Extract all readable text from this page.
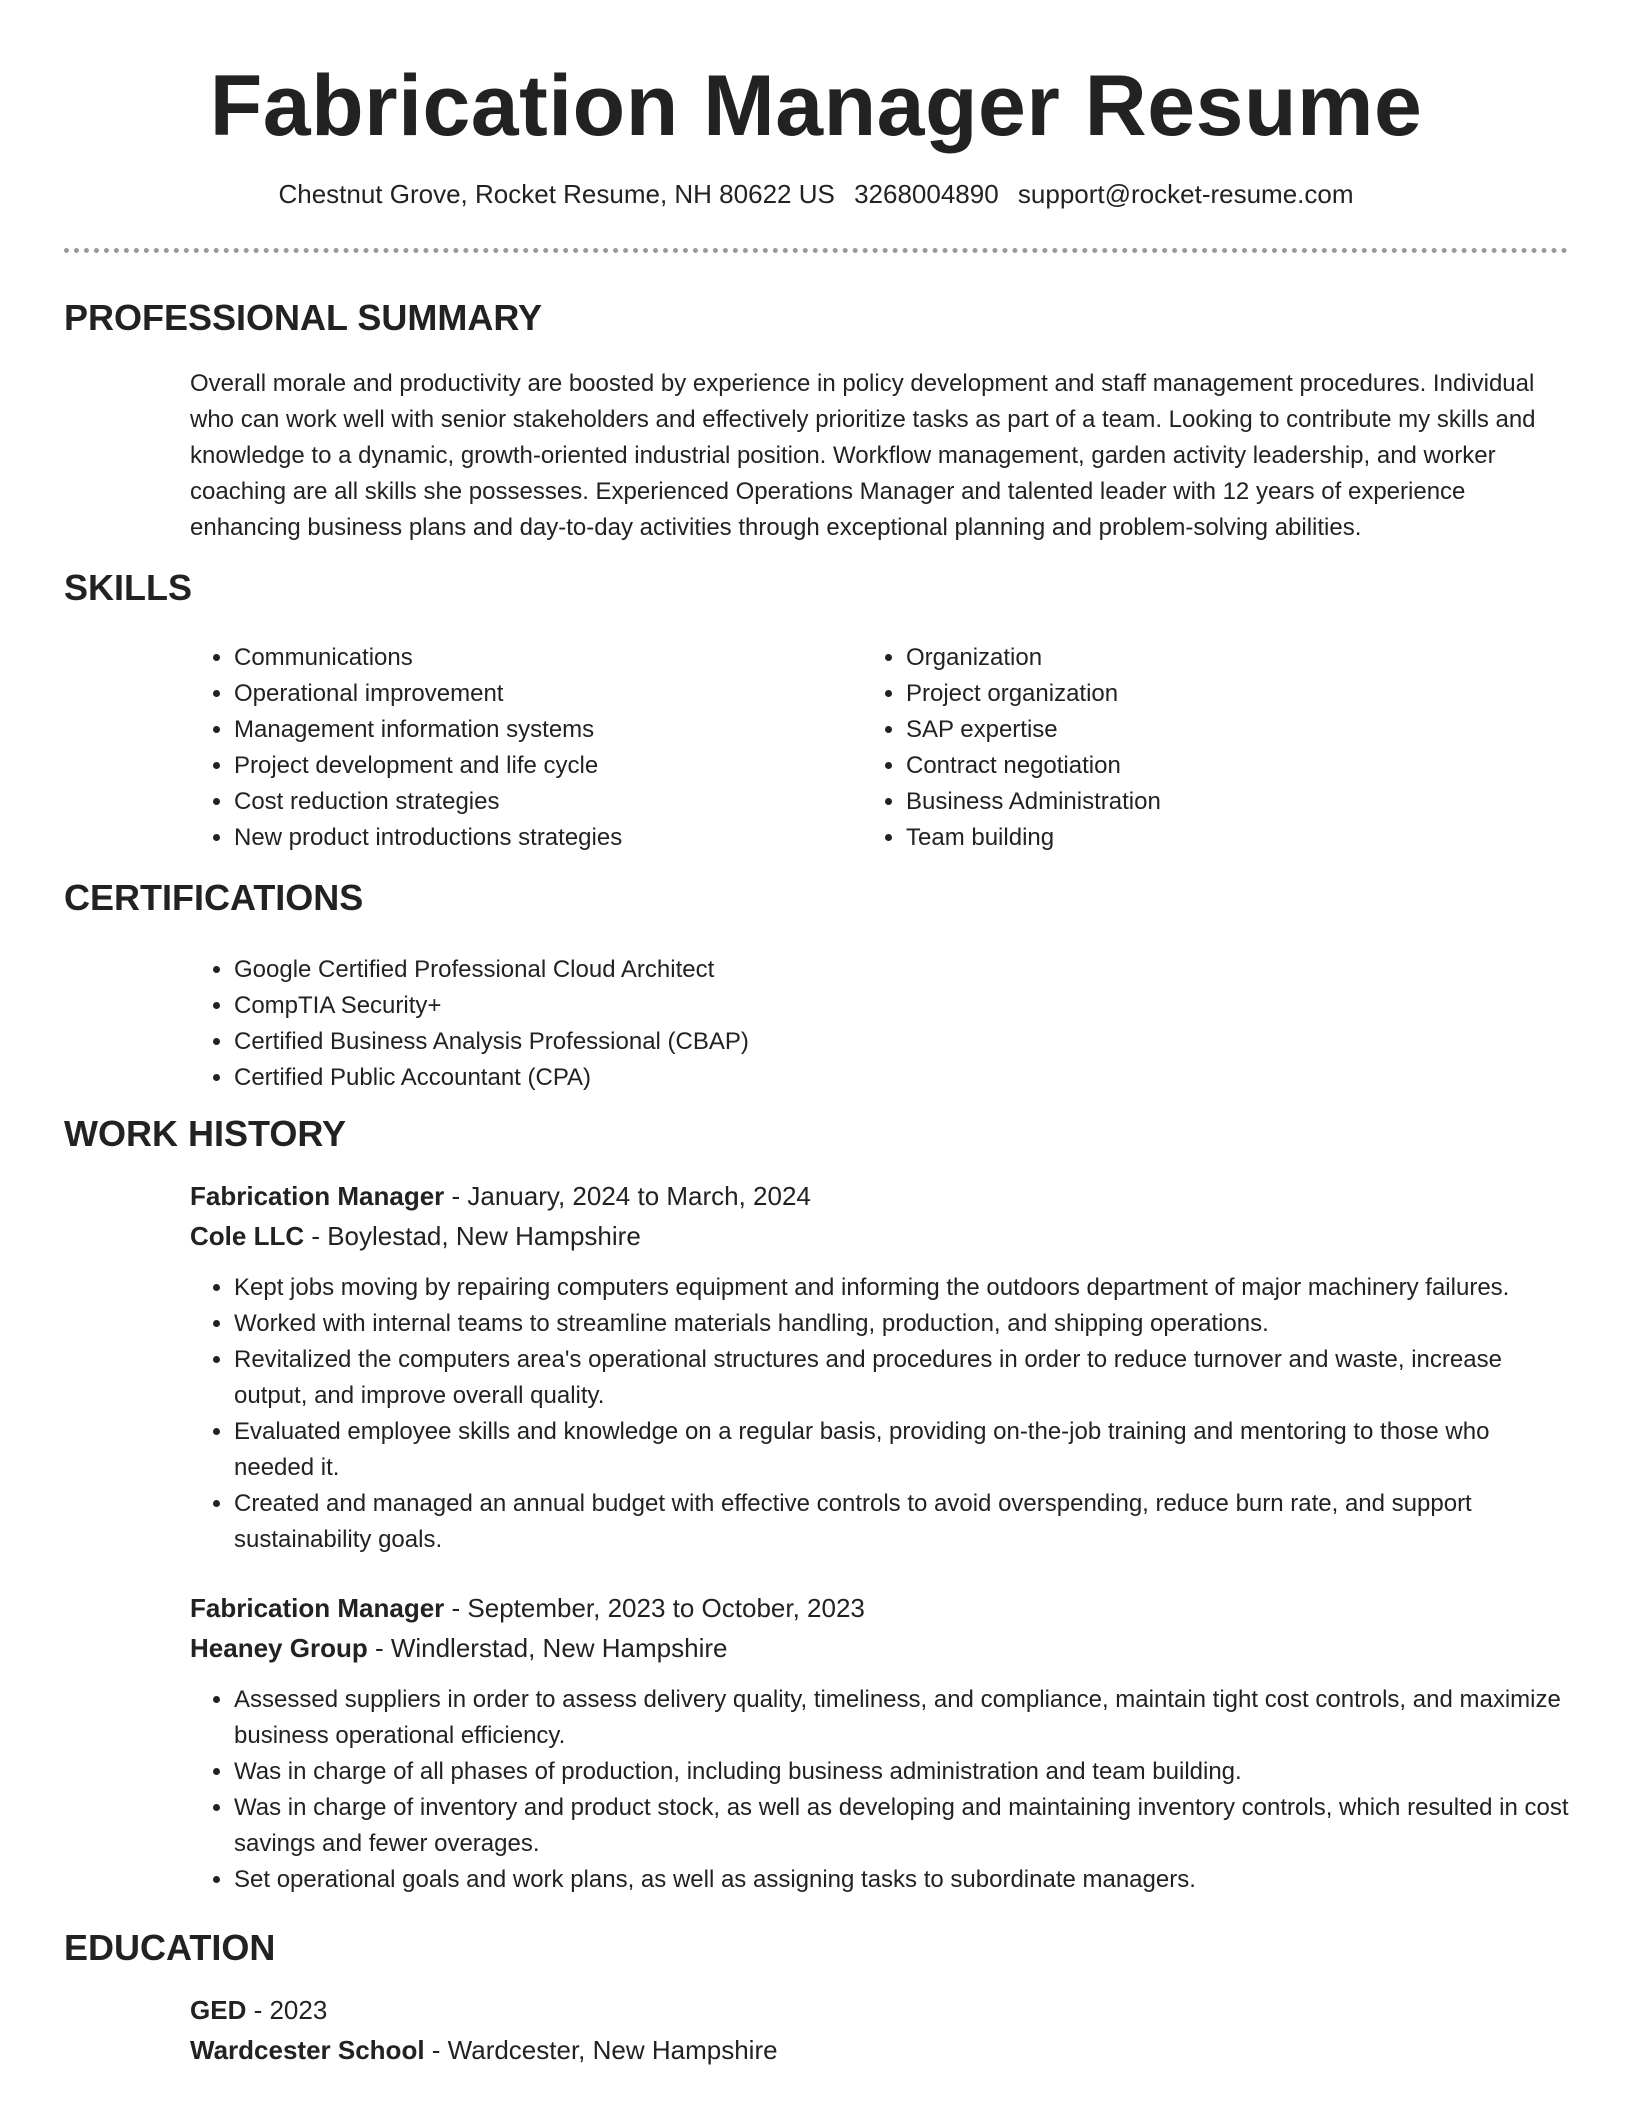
Fabrication Manager Resume
Chestnut Grove, Rocket Resume, NH 80622 US 3268004890 support@rocket-resume.com
PROFESSIONAL SUMMARY

Overall morale and productivity are boosted by experience in policy development and staff management procedures. Individual who can work well with senior stakeholders and effectively prioritize tasks as part of a team. Looking to contribute my skills and knowledge to a dynamic, growth-oriented industrial position. Workflow management, garden activity leadership, and worker coaching are all skills she possesses. Experienced Operations Manager and talented leader with 12 years of experience enhancing business plans and day-to-day activities through exceptional planning and problem-solving abilities.

SKILLS
• Communications
• Operational improvement
• Management information systems
• Project development and life cycle
• Cost reduction strategies
• New product introductions strategies
• Organization
• Project organization
• SAP expertise
• Contract negotiation
• Business Administration
• Team building
CERTIFICATIONS
• Google Certified Professional Cloud Architect
• CompTIA Security+
• Certified Business Analysis Professional (CBAP)
• Certified Public Accountant (CPA)
WORK HISTORY
Fabrication Manager - January, 2024 to March, 2024
Cole LLC - Boylestad, New Hampshire
• Kept jobs moving by repairing computers equipment and informing the outdoors department of major machinery failures.
• Worked with internal teams to streamline materials handling, production, and shipping operations.
• Revitalized the computers area's operational structures and procedures in order to reduce turnover and waste, increase output, and improve overall quality.
• Evaluated employee skills and knowledge on a regular basis, providing on-the-job training and mentoring to those who needed it.
• Created and managed an annual budget with effective controls to avoid overspending, reduce burn rate, and support sustainability goals.
Fabrication Manager - September, 2023 to October, 2023
Heaney Group - Windlerstad, New Hampshire
• Assessed suppliers in order to assess delivery quality, timeliness, and compliance, maintain tight cost controls, and maximize business operational efficiency.
• Was in charge of all phases of production, including business administration and team building.
• Was in charge of inventory and product stock, as well as developing and maintaining inventory controls, which resulted in cost savings and fewer overages.
• Set operational goals and work plans, as well as assigning tasks to subordinate managers.
EDUCATION
GED - 2023
Wardcester School - Wardcester, New Hampshire
